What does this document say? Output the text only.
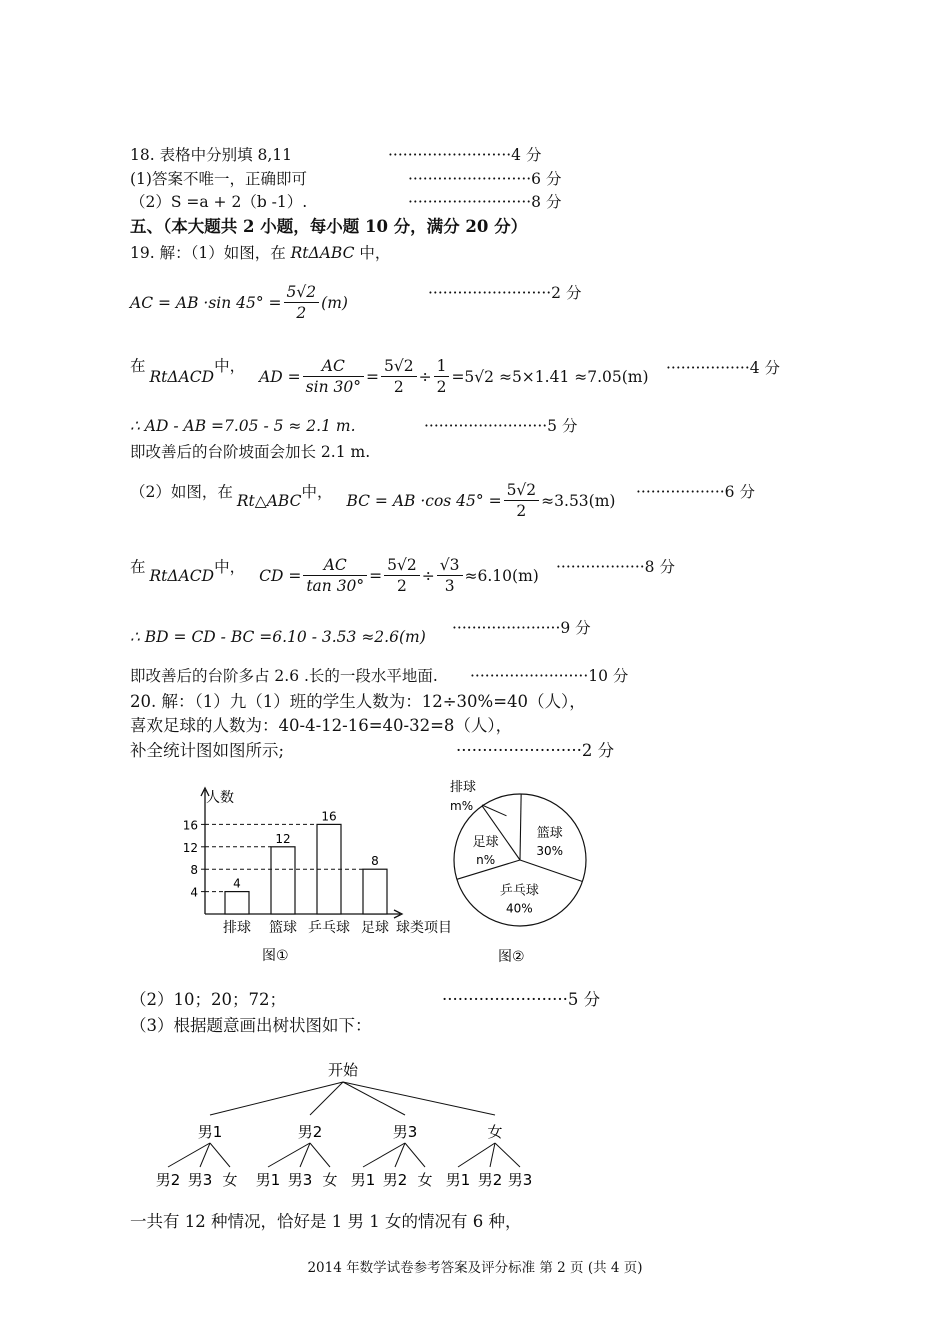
18. 表格中分别填 8,11	·························4 分
(1)答案不唯一，正确即可	·························6 分
（2）S =a + 2（b -1）.	·························8 分
五、（本大题共 2 小题，每小题 10 分，满分 20 分）
19. 解：（1）如图，在 RtΔABC 中，
AC = AB ·sin $45^\circ = \frac{5√2}{2} (m)$
·························2 分
在
RtΔACD
中，
AD = $\frac{AC}{\sin 30^\circ} = \frac{5√2}{2} \div \frac{1}{2} =5√2 \approx 5\times 1.41 \approx 7.05(m) \cdot\cdot\cdot\cdot\cdot\cdot\cdot\cdot\cdot\cdot\cdot\cdot\cdot\cdot\cdot\cdot\cdot 4$ 分
∴ AD - AB =7.05 - 5 ≈ 2.1 m.	·························5 分
即改善后的台阶坡面会加长 2.1 m.
（2）如图，在 Rt△ABC 中， BC = AB ·cos $45^\circ = \frac{5√2}{2} \approx 3.53(m) \cdot\cdot\cdot\cdot\cdot\cdot\cdot\cdot\cdot\cdot\cdot\cdot\cdot\cdot\cdot\cdot\cdot\cdot 6$ 分
在 RtΔACD 中， CD = $\frac{AC}{\tan 30^\circ} = \frac{5√2}{2} \div \frac{√3}{3} \approx 6.10(m) \cdot\cdot\cdot\cdot\cdot\cdot\cdot\cdot\cdot\cdot\cdot\cdot\cdot\cdot\cdot\cdot\cdot\cdot 8$ 分
∴ BD = CD - BC =6.10 - 3.53 ≈2.6(m) ······················9 分
即改善后的台阶多占 2.6 .长的一段水平地面. ························10 分
20. 解：（1）九（1）班的学生人数为：12÷30%=40（人），
喜欢足球的人数为：40-4-12-16=40-32=8（人），
补全统计图如图所示;	························2 分
4
8
12
16
人数
球类项目
4
排球
12
篮球
16
乒乓球
8
足球
图①
排球
m%
篮球
30%
乒乓球
40%
足球
n%
图②
（2）10；20；72；	························5 分
（3）根据题意画出树状图如下：
开始
男1
男2 男3 女
男2
男1 男3 女
男3
男1 男2 女
女
男1 男2 男3
一共有 12 种情况，恰好是 1 男 1 女的情况有 6 种，
2014 年数学试卷参考答案及评分标准 第 2 页 (共 4 页)
